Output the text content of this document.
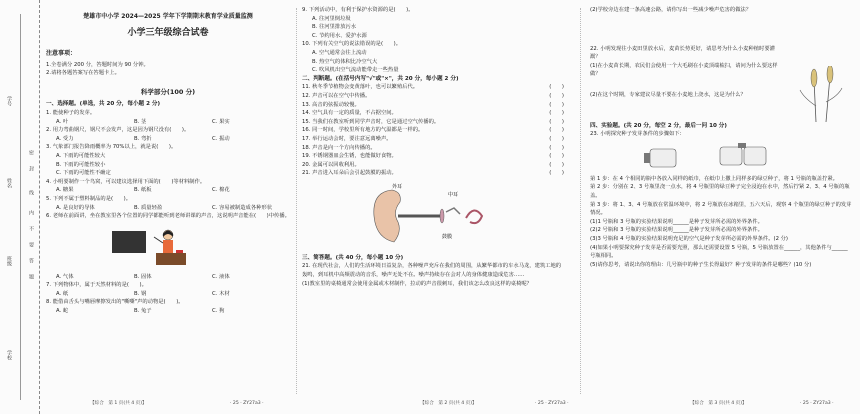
学号
姓名
密
封
线
内
不
要
答
题
班级
学校
楚雄市中小学 2024—2025 学年下学期期末教育学业质量监测
小学三年级综合试卷
注意事项：
1.全卷满分 200 分，答题时间为 90 分钟。
2.请将各题答案写在答题卡上。
科学部分(100 分)
一、选择题。(单选，共 20 分，每小题 2 分)
1. 能使种子的发芽。
A. 叶	B. 茎	C. 果实
2. 用力弯曲钢尺，钢尺不会发声，这是因为钢尺没有(　　)。
A. 受力	B. 弯折	C. 振动
3. 气象部门报告降雨概率为 70%以上，就是说(　　)。
A. 下雨的可能性较大
B. 下雨的可能性较小
C. 下雨的可能性不确定
4. 小明要制作一个鸟窝，可以建议选择用下面的(　　)等材料制作。
A. 糖果	B. 纸板	C. 棉花
5. 下列不属于塑料制品的是(　　)。
A. 是良好的导体	B. 质量轻盈	C. 容易被制造成各种形状
6. 老师在前面讲，坐在教室里各个位置的同学都能听到老师讲课的声音，这说明声音能在(　　)中传播。
A. 气体	B. 固体	C. 液体
7. 下列物体中，属于天然材料的是(　　)。
A. 纸	B. 钢	C. 木材
8. 能借由舌头与嘴唇摩擦发出的"嘶嘶"声的动物是(　　)。
A. 蛇	B. 兔子	C. 狗
【综合　第 1 页(共 4 页)】	· 25 · ZY27a3 ·
9. 下列活动中，有利于保护水资源的是(　　)。
A. 往河里倒垃圾
B. 往河里排放污水
C. 节约用水、爱护水源
10. 下列有关空气的说法错误的是(　　)。
A. 空气通常会往上流动
B. 热空气的体积比冷空气大
C. 吹风机出空气流动能带走一些热量
二、判断题。(在括号内写"√"或"×"，共 20 分，每小题 2 分)
11. 秋冬季节植物会变黄落叶，也可以繁殖后代。	(　　)
12. 声音可以在空气中传播。	(　　)
13. 高音的弦振动较慢。	(　　)
14. 空气具有一定的质量，不占据空间。	(　　)
15. 当我们在教室听到同学声音时，它是通过空气传播的。	(　　)
16. 同一时间，学校里所有地方的气温都是一样的。	(　　)
17. 举行运动会时，要注意远离噪声。	(　　)
18. 声音是向一个方向传播的。	(　　)
19. 不锈钢器皿会生锈，也能做好食物。	(　　)
20. 金属可以回收利用。	(　　)
21. 声音进入耳朵后会引起鼓膜的振动。	(　　)
外耳
中耳
鼓膜
三、简答题。(共 40 分，每小题 10 分)
21. 在现代社会，人们的生活环境日益复杂，各种噪声充斥在我们的周围，从繁华都市的车水马龙，建筑工地的轰鸣，到耳机中高频震动的音乐，噪声无处不在。噪声持续存在会对人的身体健康造成危害……
(1)教室里的桌椅通常会使用金属或木材制作，拉动的声音很刺耳，我们该怎么改良这样的桌椅呢？
【综合　第 2 页(共 4 页)】	· 25 · ZY27a3 ·
(2)学校旁边在建一条高速公路，请你写出一些减少噪声危害的做法？
22. 小明发现往小麦田里放水后，麦苗长势更好，请思考为什么小麦种植时要灌溉？
(1)在小麦苗长期，农民们会使用一个大毛刷在小麦顶端梳扫，请问为什么要这样做？
(2)在这个时期，专家建议尽量不要在小麦地上浇水，这是为什么？
四、实验题。(共 20 分，每空 2 分，最后一问 10 分)
23. 小明探究种子发芽条件的步骤如下：
第 1 步：在 4 个相同的瓶中各放入同样的纸巾，在纸巾上撒上同样多的绿豆种子，将 1 号瓶的瓶盖拧紧。
第 2 步：分别在 2、3 号瓶里浇一点水，将 4 号瓶里的绿豆种子完全浸泡在水中，然后拧紧 2、3、4 号瓶的瓶盖。
第 3 步：将 1、3、4 号瓶放在常温环境中，将 2 号瓶放在冰箱里，五六天后，观察 4 个瓶里的绿豆种子的发芽情况。
(1)1 号瓶和 3 号瓶的实验结果说明______是种子发芽所必需的外界条件。
(2)2 号瓶和 3 号瓶的实验结果说明______是种子发芽所必需的外界条件。
(3)3 号瓶和 4 号瓶的实验结果说明充足的空气是种子发芽所必需的外界条件。(2 分)
(4)如果小明要探究种子发芽是否需要光照，那么还需要设置 5 号瓶，5 号瓶放置在______，其他条件与______号瓶相同。
(5)请你思考，请说出你的理由：几号瓶中的种子生长得最好？种子发芽的条件是哪些？(10 分)
【综合　第 3 页(共 4 页)】	· 25 · ZY27a3 ·
